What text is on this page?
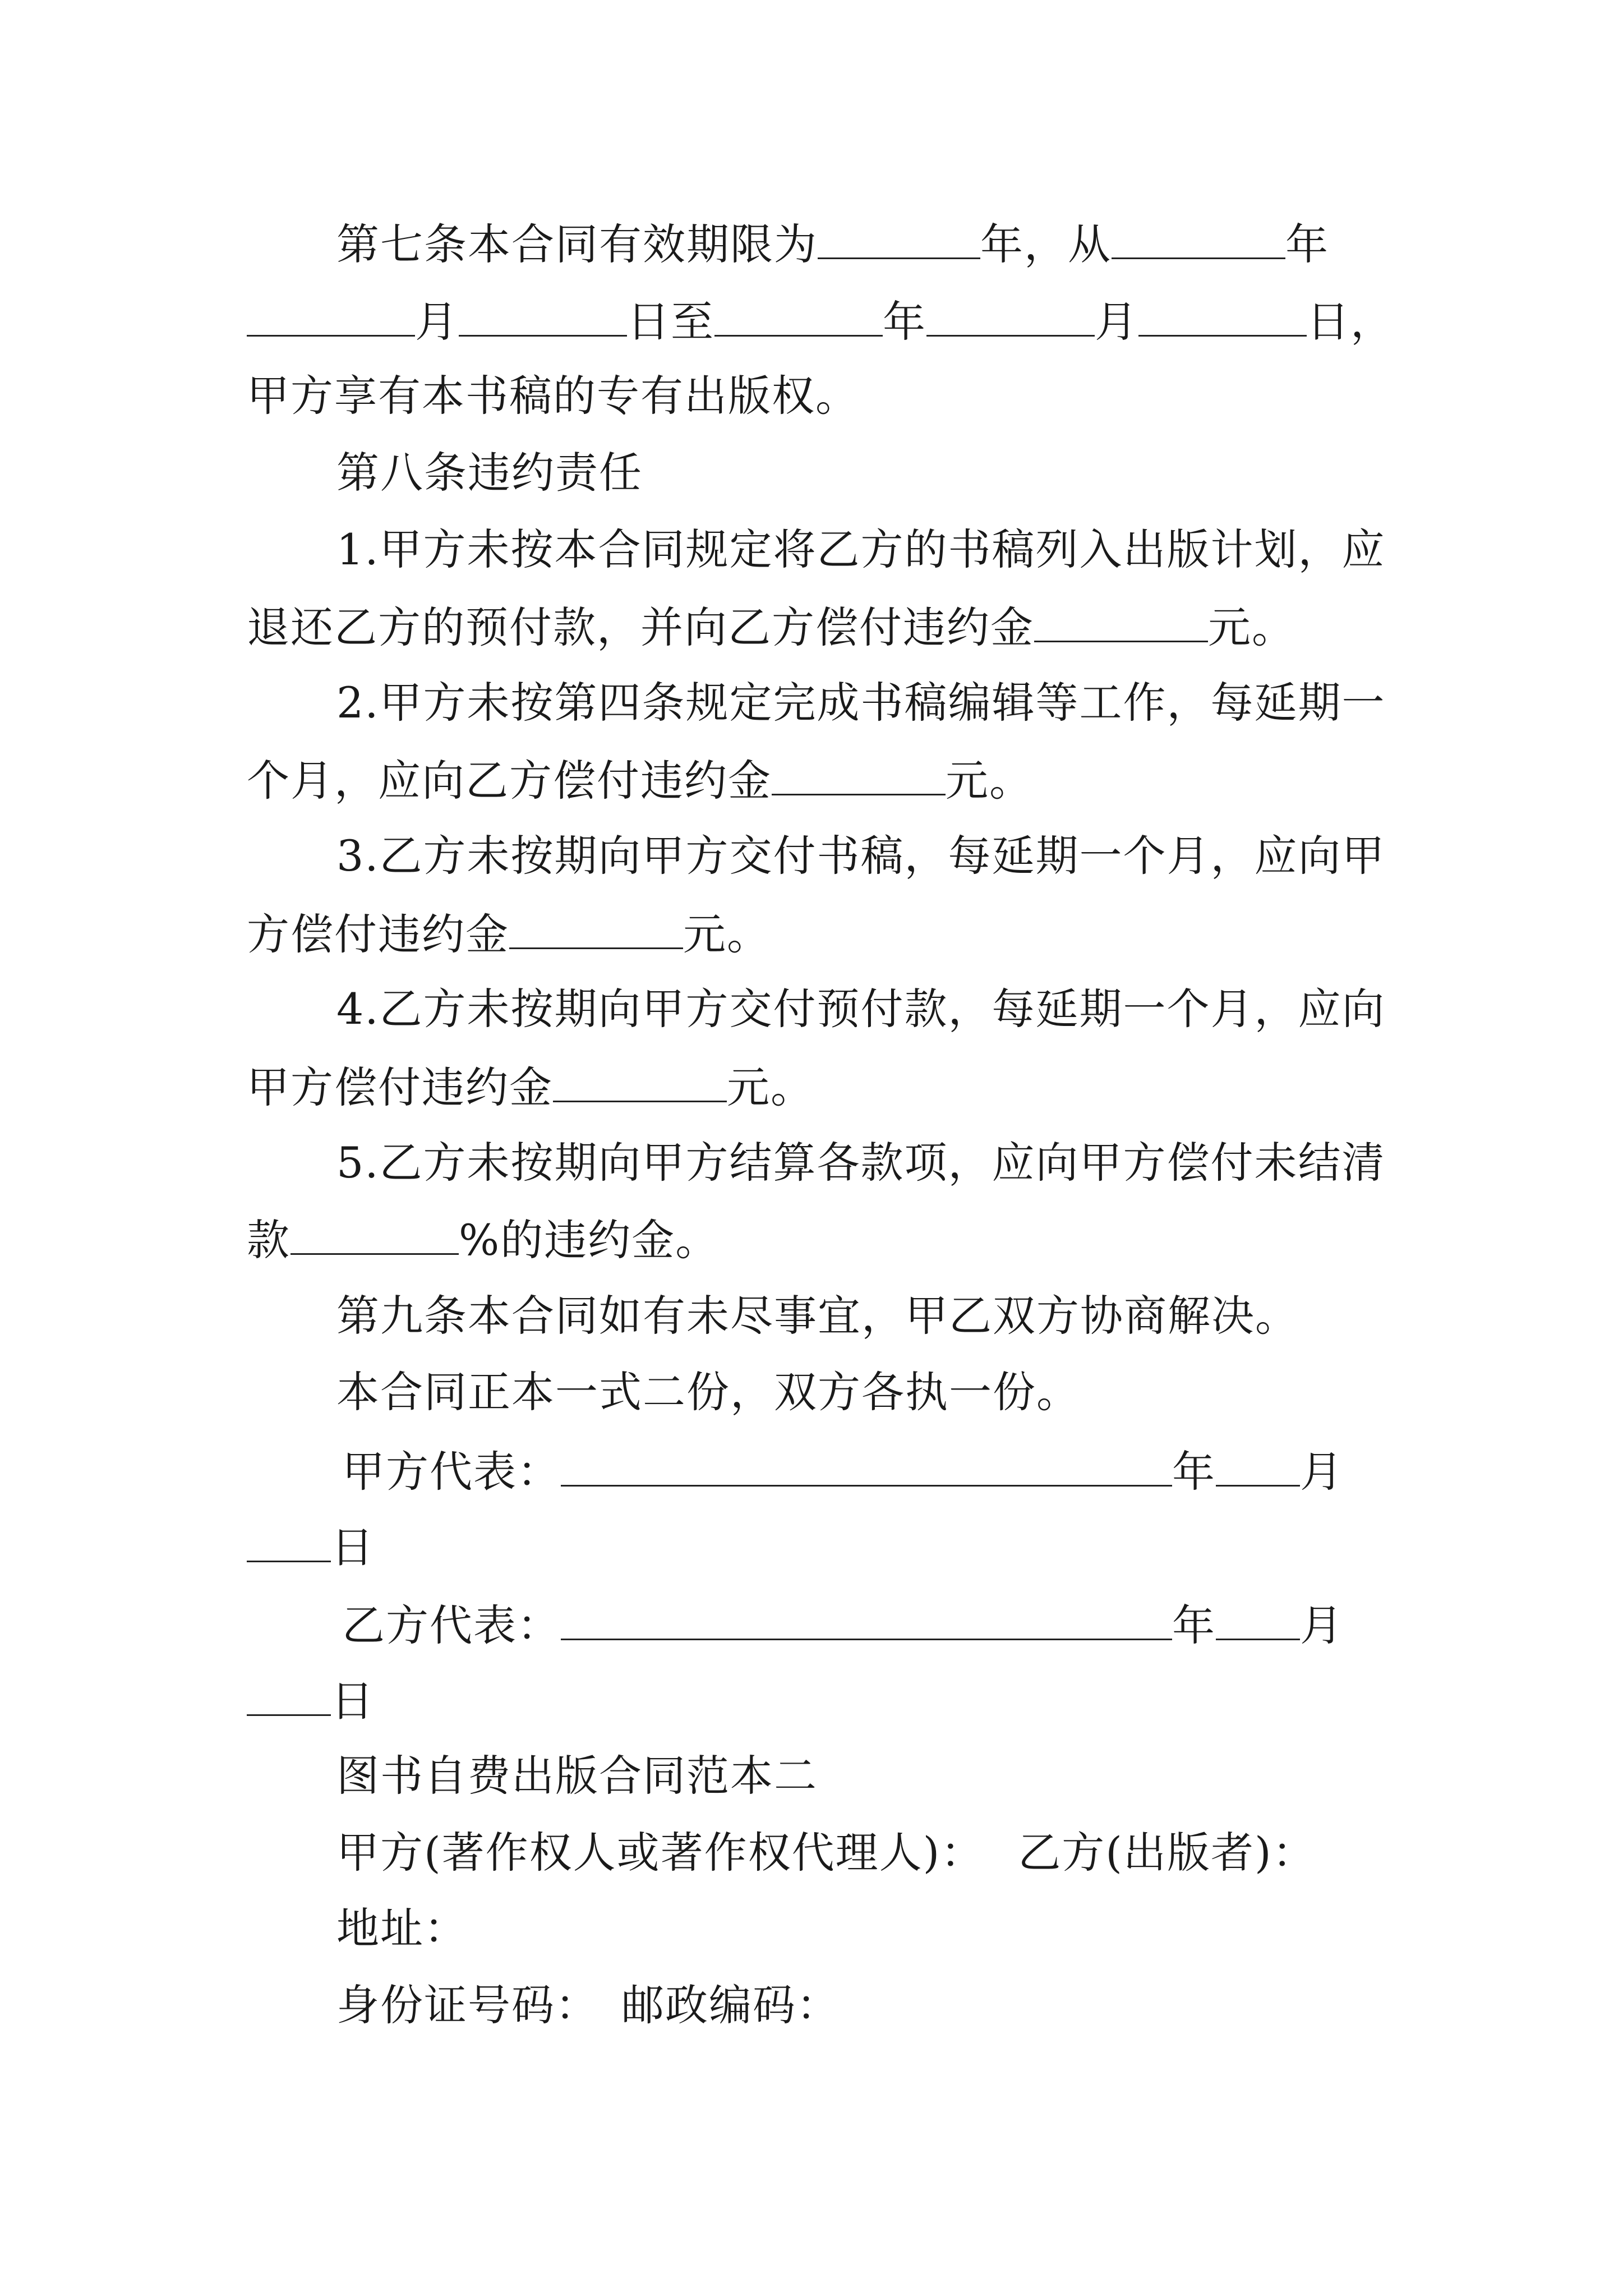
第七条本合同有效期限为	年，从	年
月	日至	年	月	日，
甲方享有本书稿的专有出版权。
第八条违约责任
1.甲方未按本合同规定将乙方的书稿列入出版计划，应
退还乙方的预付款，并向乙方偿付违约金	元。
2.甲方未按第四条规定完成书稿编辑等工作，每延期一
个月，应向乙方偿付违约金	元。
3.乙方未按期向甲方交付书稿，每延期一个月，应向甲
方偿付违约金	元。
4.乙方未按期向甲方交付预付款，每延期一个月，应向
甲方偿付违约金	元。
5.乙方未按期向甲方结算各款项，应向甲方偿付未结清
款	%的违约金。
第九条本合同如有未尽事宜，甲乙双方协商解决。
本合同正本一式二份，双方各执一份。
甲方代表：	年 月
日
乙方代表：	年 月
日
图书自费出版合同范本二
甲方(著作权人或著作权代理人)： 乙方(出版者)：
地址：
身份证号码： 邮政编码：
